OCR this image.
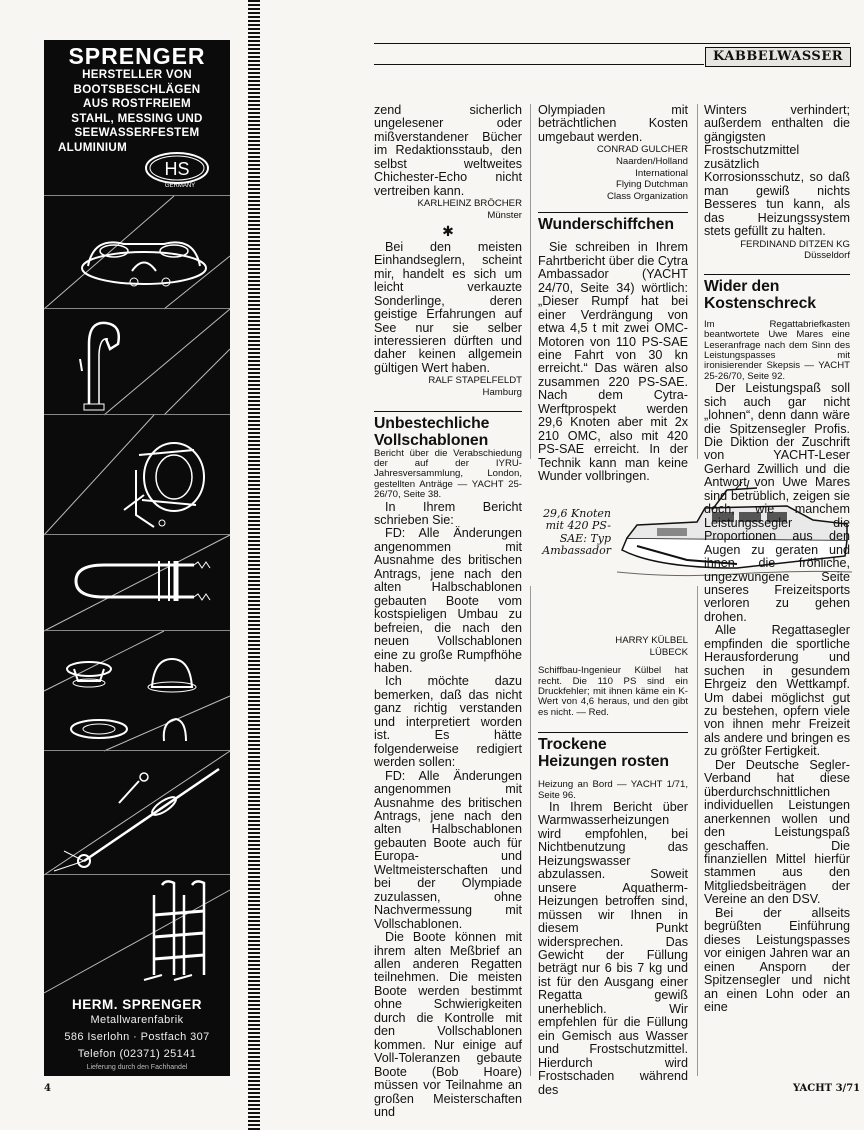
SPRENGER
HERSTELLER VON
BOOTSBESCHLÄGEN
AUS ROSTFREIEM
STAHL, MESSING UND
SEEWASSERFESTEM
ALUMINIUM
HS
GERMANY
HERM. SPRENGER
Metallwarenfabrik
586 Iserlohn · Postfach 307
Telefon (02371) 25141
Lieferung durch den Fachhandel
KABBELWASSER

zend sicherlich ungelesener oder mißverstandener Bücher im Redaktionsstaub, den selbst weltweites Chichester-Echo nicht vertreiben kann.

KARLHEINZ BRÖCHER
Münster
✱

Bei den meisten Einhandseglern, scheint mir, handelt es sich um leicht verkauzte Sonderlinge, deren geistige Erfahrungen auf See nur sie selber interessieren dürften und daher keinen allgemein gültigen Wert haben.

RALF STAPELFELDT
Hamburg
Unbestechliche Vollschablonen

Bericht über die Verabschiedung der auf der IYRU-Jahresversammlung, London, gestellten Anträge — YACHT 25-26/70, Seite 38.

In Ihrem Bericht schrieben Sie:

FD: Alle Änderungen angenommen mit Ausnahme des britischen Antrags, jene nach den alten Halbschablonen gebauten Boote vom kostspieligen Umbau zu befreien, die nach den neuen Vollschablonen eine zu große Rumpfhöhe haben.

Ich möchte dazu bemerken, daß das nicht ganz richtig verstanden und interpretiert worden ist. Es hätte folgenderweise redigiert werden sollen:

FD: Alle Änderungen angenommen mit Ausnahme des britischen Antrags, jene nach den alten Halbschablonen gebauten Boote auch für Europa- und Weltmeisterschaften und bei der Olympiade zuzulassen, ohne Nachvermessung mit Vollschablonen.

Die Boote können mit ihrem alten Meßbrief an allen anderen Regatten teilnehmen. Die meisten Boote werden bestimmt ohne Schwierigkeiten durch die Kontrolle mit den Vollschablonen kommen. Nur einige auf Voll-Toleranzen gebaute Boote (Bob Hoare) müssen vor Teilnahme an großen Meisterschaften und

Olympiaden mit beträchtlichen Kosten umgebaut werden.

CONRAD GULCHER
Naarden/Holland
International
Flying Dutchman
Class Organization
Wunderschiffchen

Sie schreiben in Ihrem Fahrtbericht über die Cytra Ambassador (YACHT 24/70, Seite 34) wörtlich: „Dieser Rumpf hat bei einer Verdrängung von etwa 4,5 t mit zwei OMC-Motoren von 110 PS-SAE eine Fahrt von 30 kn erreicht.“ Das wären also zusammen 220 PS-SAE. Nach dem Cytra-Werftprospekt werden 29,6 Knoten aber mit 2x 210 OMC, also mit 420 PS-SAE erreicht. In der Technik kann man keine Wunder vollbringen.

29,6 Knoten mit 420 PS-SAE: Typ Ambassador
HARRY KÜLBEL
LÜBECK

Schiffbau-Ingenieur Külbel hat recht. Die 110 PS sind ein Druckfehler; mit ihnen käme ein K-Wert von 4,6 heraus, und den gibt es nicht. — Red.

Trockene Heizungen rosten

Heizung an Bord — YACHT 1/71, Seite 96.

In Ihrem Bericht über Warmwasserheizungen wird empfohlen, bei Nichtbenutzung das Heizungswasser abzulassen. Soweit unsere Aquatherm-Heizungen betroffen sind, müssen wir Ihnen in diesem Punkt widersprechen. Das Gewicht der Füllung beträgt nur 6 bis 7 kg und ist für den Ausgang einer Regatta gewiß unerheblich. Wir empfehlen für die Füllung ein Gemisch aus Wasser und Frostschutzmittel. Hierdurch wird Frostschaden während des

Winters verhindert; außerdem enthalten die gängigsten Frostschutzmittel zusätzlich Korrosionsschutz, so daß man gewiß nichts Besseres tun kann, als das Heizungssystem stets gefüllt zu halten.

FERDINAND DITZEN KG
Düsseldorf
Wider den Kostenschreck

Im Regattabriefkasten beantwortete Uwe Mares eine Leseranfrage nach dem Sinn des Leistungspasses mit ironisierender Skepsis — YACHT 25-26/70, Seite 92.

Der Leistungspaß soll sich auch gar nicht „lohnen“, denn dann wäre die Spitzensegler Profis. Die Diktion der Zuschrift von YACHT-Leser Gerhard Zwillich und die Antwort von Uwe Mares sind betrüblich, zeigen sie doch, wie manchem Leistungssegler die Proportionen aus den Augen zu geraten und ihnen die fröhliche, ungezwungene Seite unseres Freizeitsports verloren zu gehen drohen.

Alle Regattasegler empfinden die sportliche Herausforderung und suchen in gesundem Ehrgeiz den Wettkampf. Um dabei möglichst gut zu bestehen, opfern viele von ihnen mehr Freizeit als andere und bringen es zu größter Fertigkeit.

Der Deutsche Segler-Verband hat diese überdurchschnittlichen individuellen Leistungen anerkennen wollen und den Leistungspaß geschaffen. Die finanziellen Mittel hierfür stammen aus den Mitgliedsbeiträgen der Vereine an den DSV.

Bei der allseits begrüßten Einführung dieses Leistungspasses vor einigen Jahren war an einen Ansporn der Spitzensegler und nicht an einen Lohn oder an eine

4	YACHT 3/71
